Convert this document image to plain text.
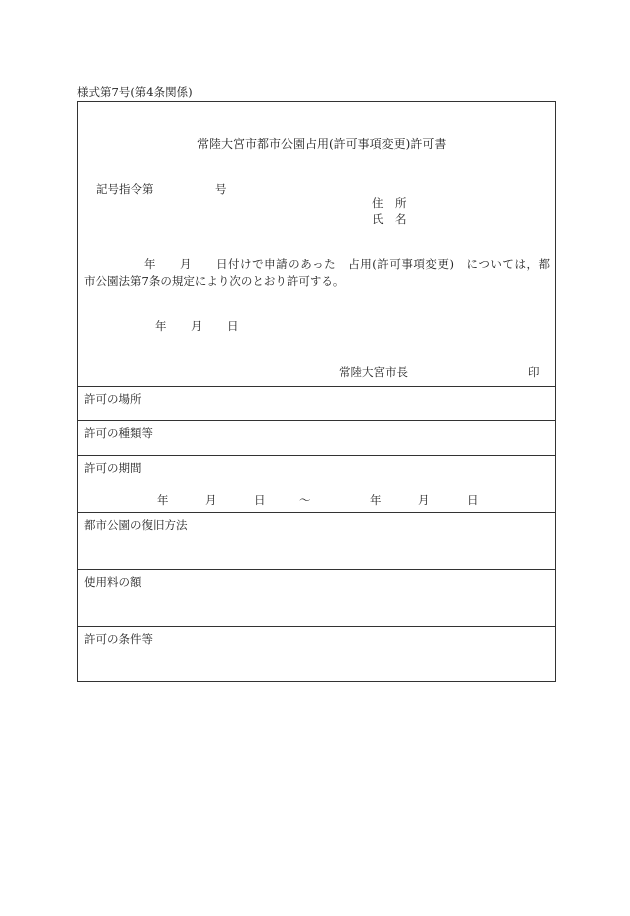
様式第7号(第4条関係)
常陸大宮市都市公園占用(許可事項変更)許可書
記号指令第	号
住　所
氏　名
年 月 日付けで申請のあった　占用(許可事項変更)　については，都
市公園法第7条の規定により次のとおり許可する。
年 月 日
常陸大宮市長	印
許可の場所
許可の種類等
許可の期間
年	月	日	～	年	月	日
都市公園の復旧方法
使用料の額
許可の条件等
